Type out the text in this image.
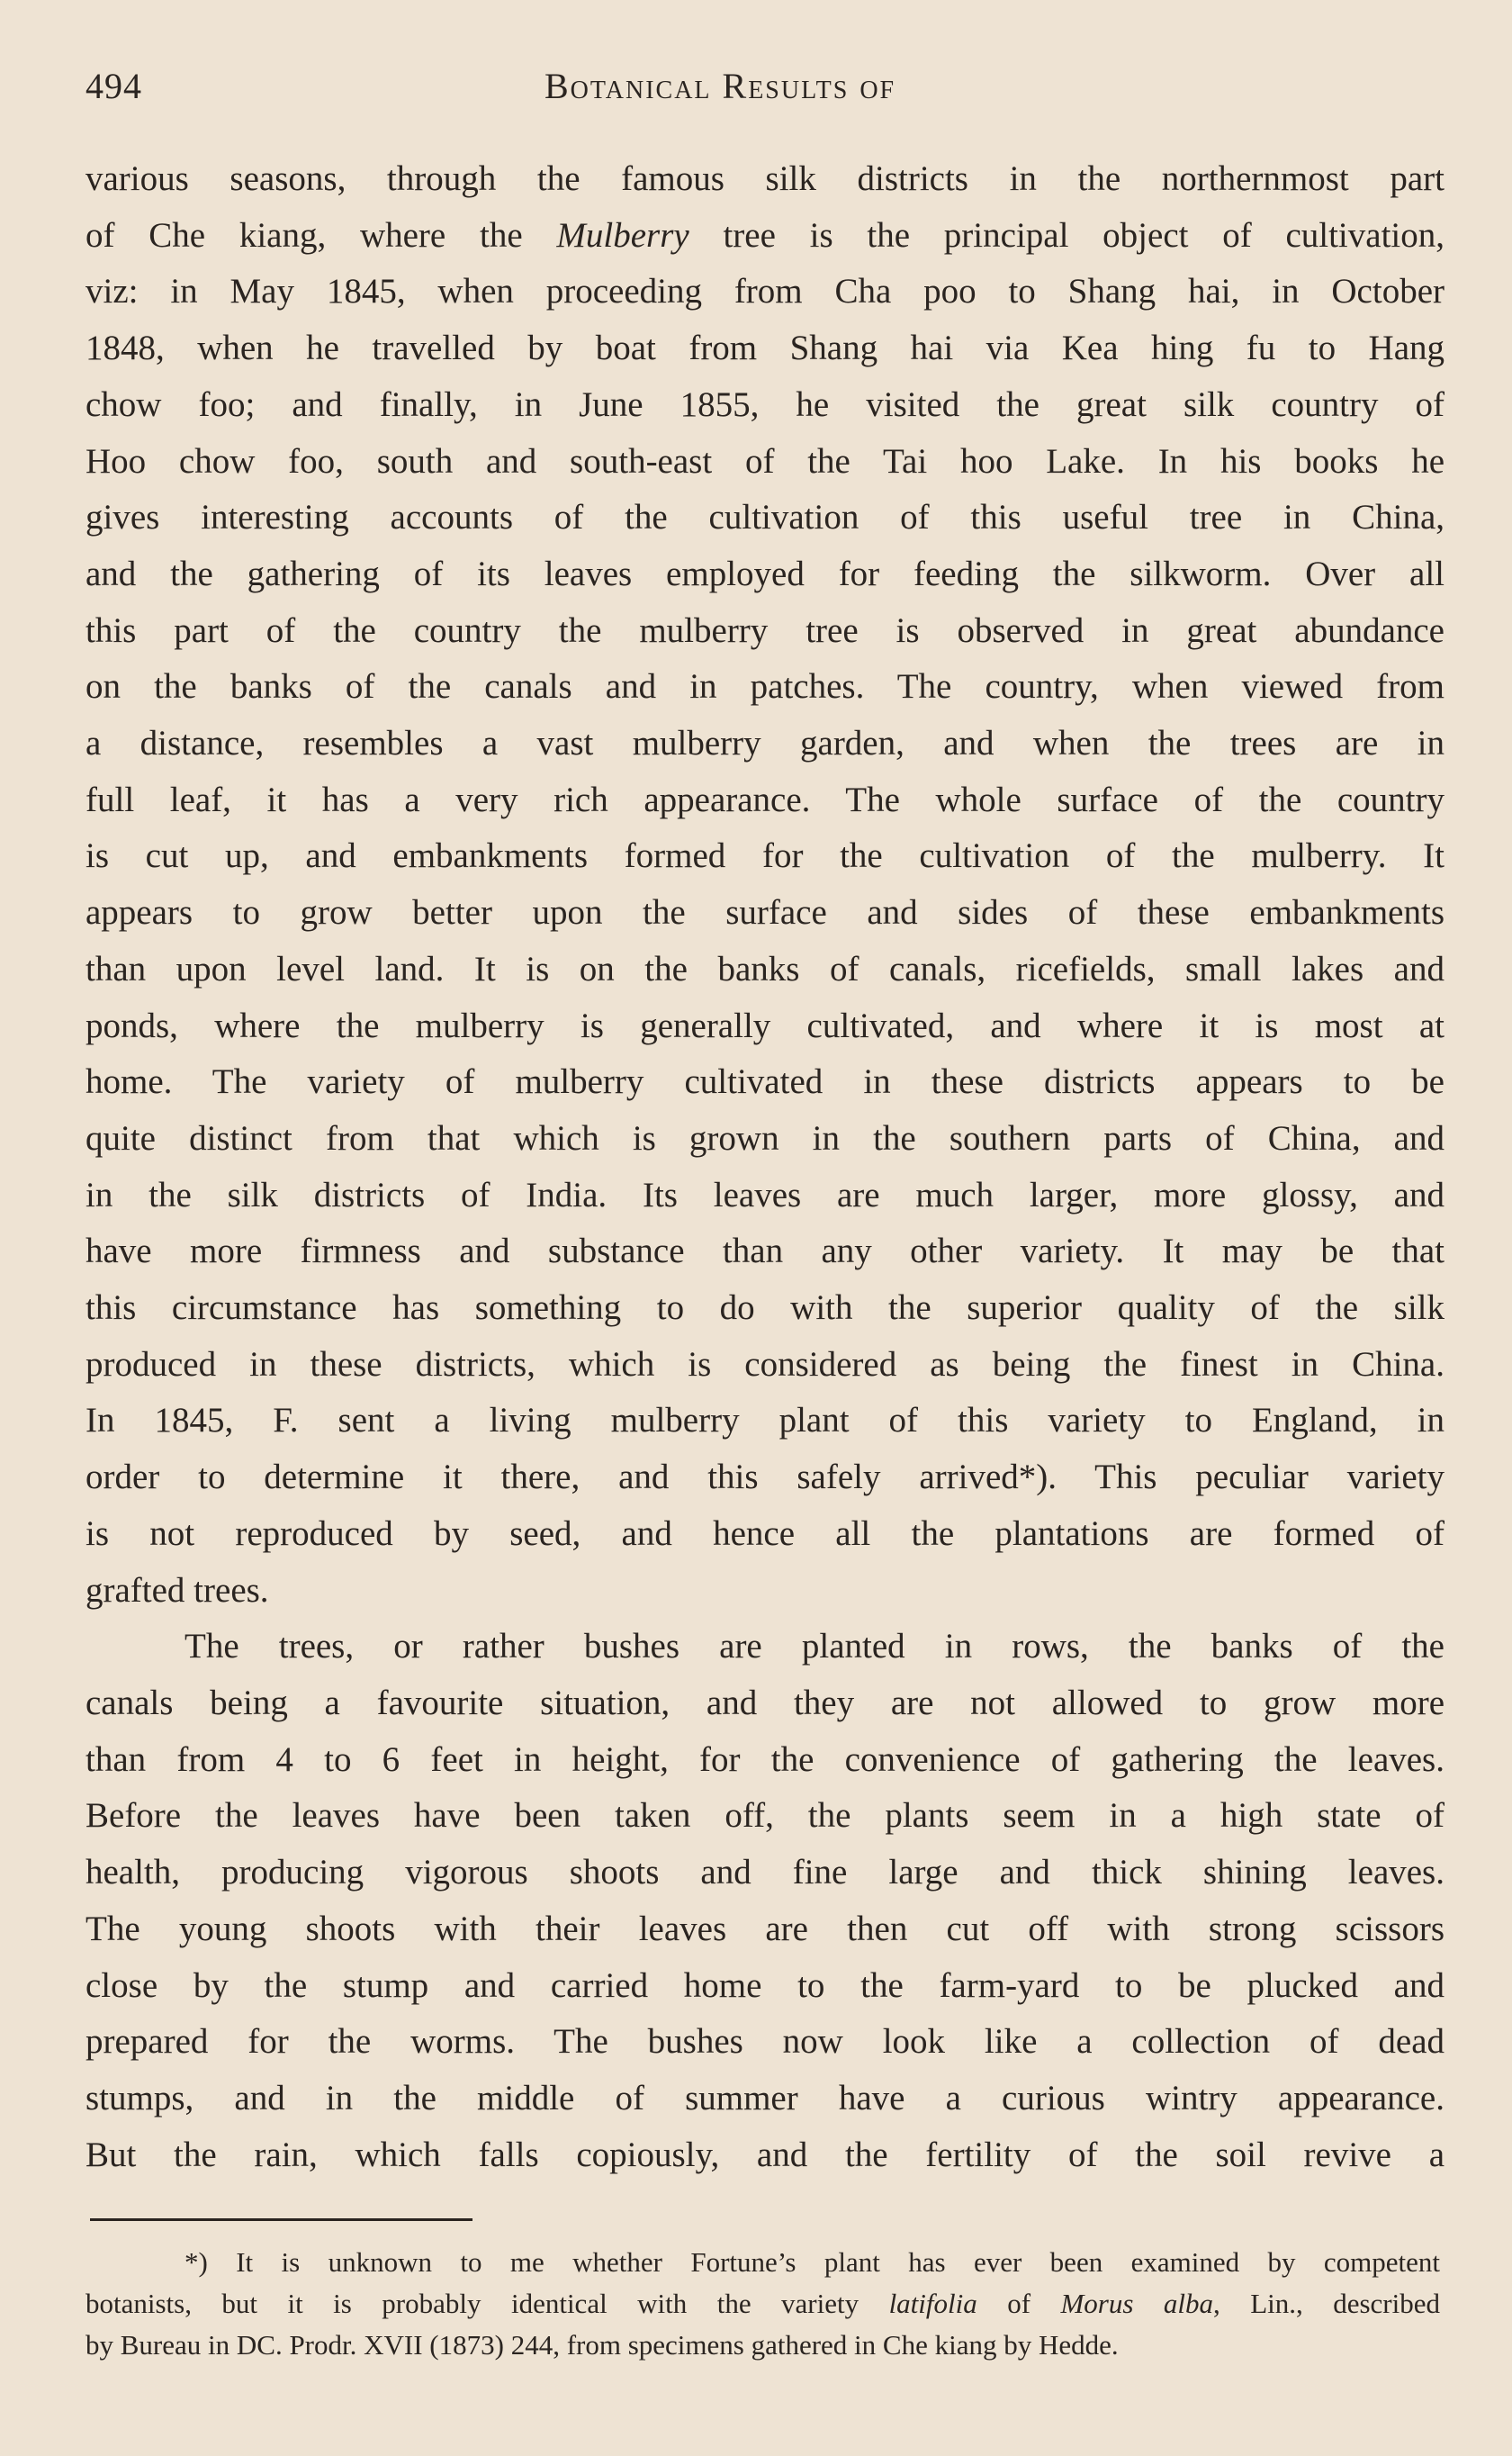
494	Botanical Results of
various seasons, through the famous silk districts in the northernmost part
of Che kiang, where the Mulberry tree is the principal object of cultivation,
viz: in May 1845, when proceeding from Cha poo to Shang hai, in October
1848, when he travelled by boat from Shang hai via Kea hing fu to Hang
chow foo; and finally, in June 1855, he visited the great silk country of
Hoo chow foo, south and south-east of the Tai hoo Lake. In his books he
gives interesting accounts of the cultivation of this useful tree in China,
and the gathering of its leaves employed for feeding the silkworm. Over all
this part of the country the mulberry tree is observed in great abundance
on the banks of the canals and in patches. The country, when viewed from
a distance, resembles a vast mulberry garden, and when the trees are in
full leaf, it has a very rich appearance. The whole surface of the country
is cut up, and embankments formed for the cultivation of the mulberry. It
appears to grow better upon the surface and sides of these embankments
than upon level land. It is on the banks of canals, ricefields, small lakes and
ponds, where the mulberry is generally cultivated, and where it is most at
home. The variety of mulberry cultivated in these districts appears to be
quite distinct from that which is grown in the southern parts of China, and
in the silk districts of India. Its leaves are much larger, more glossy, and
have more firmness and substance than any other variety. It may be that
this circumstance has something to do with the superior quality of the silk
produced in these districts, which is considered as being the finest in China.
In 1845, F. sent a living mulberry plant of this variety to England, in
order to determine it there, and this safely arrived*). This peculiar variety
is not reproduced by seed, and hence all the plantations are formed of
grafted trees.
The trees, or rather bushes are planted in rows, the banks of the
canals being a favourite situation, and they are not allowed to grow more
than from 4 to 6 feet in height, for the convenience of gathering the leaves.
Before the leaves have been taken off, the plants seem in a high state of
health, producing vigorous shoots and fine large and thick shining leaves.
The young shoots with their leaves are then cut off with strong scissors
close by the stump and carried home to the farm-yard to be plucked and
prepared for the worms. The bushes now look like a collection of dead
stumps, and in the middle of summer have a curious wintry appearance.
But the rain, which falls copiously, and the fertility of the soil revive a
*) It is unknown to me whether Fortune’s plant has ever been examined by competent
botanists, but it is probably identical with the variety latifolia of Morus alba, Lin., described
by Bureau in DC. Prodr. XVII (1873) 244, from specimens gathered in Che kiang by Hedde.
